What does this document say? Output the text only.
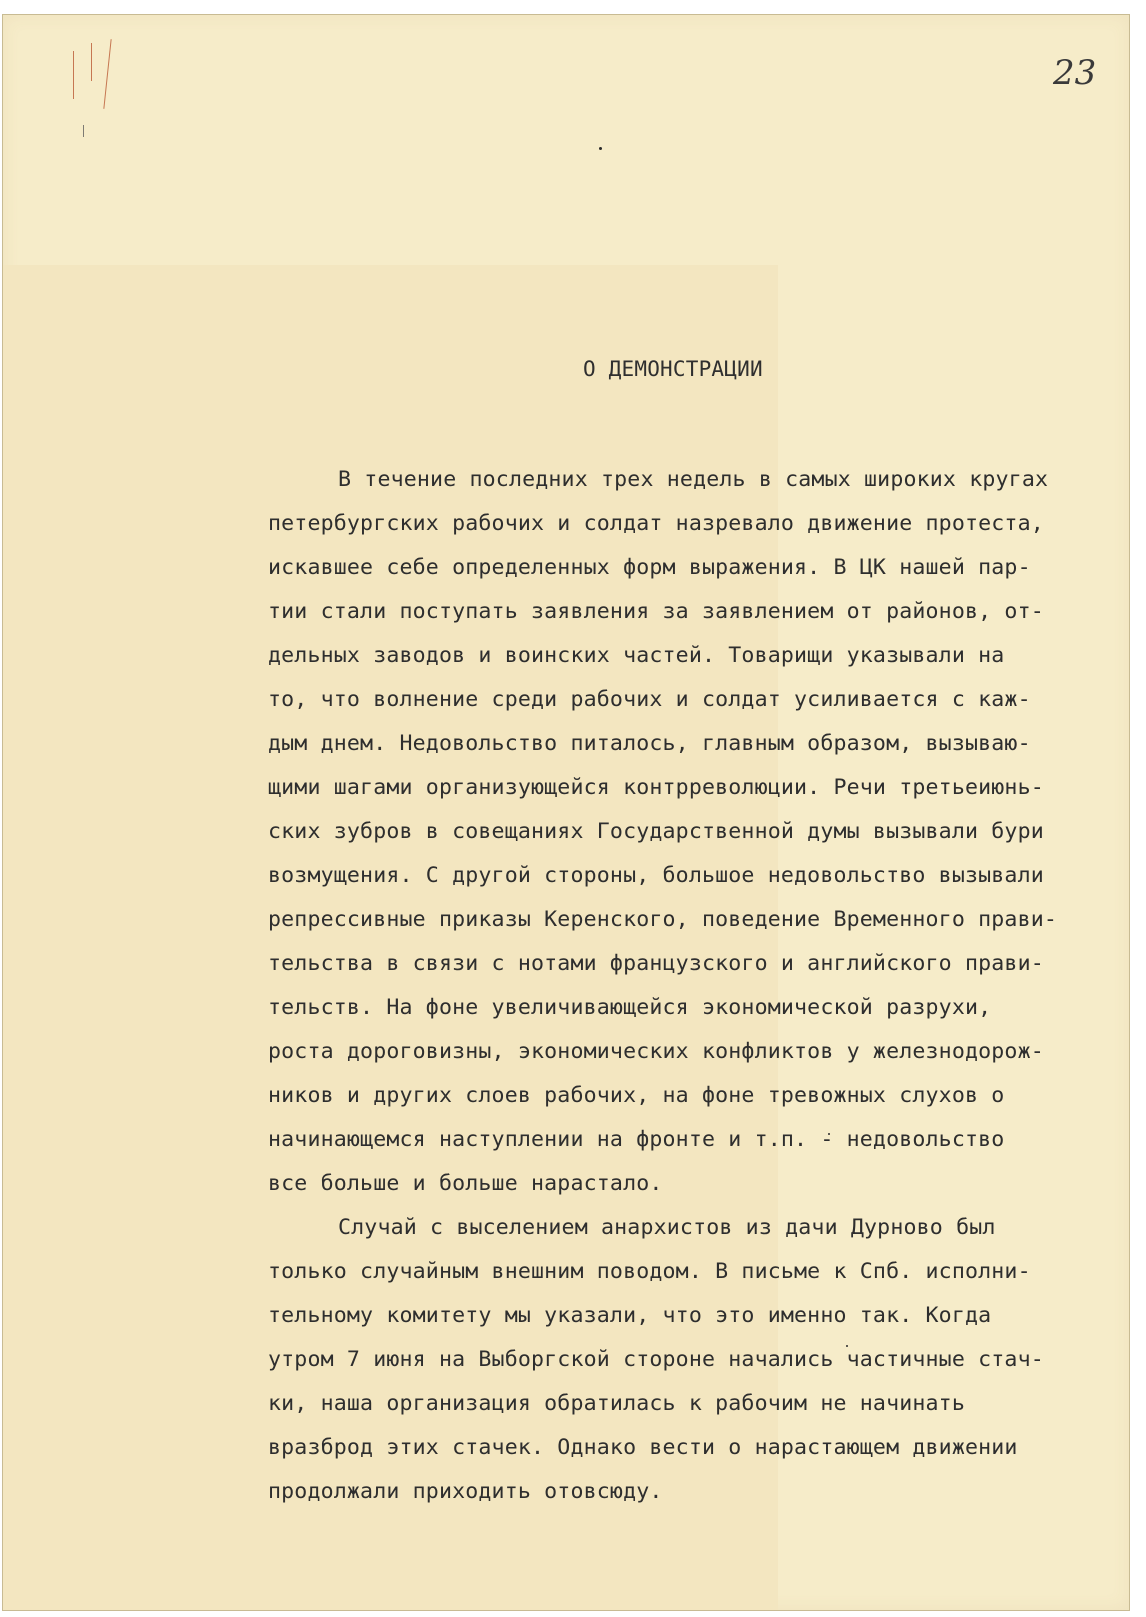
23
О ДЕМОНСТРАЦИИ
В течение последних трех недель в самых широких кругах
петербургских рабочих и солдат назревало движение протеста,
искавшее себе определенных форм выражения. В ЦК нашей пар-
тии стали поступать заявления за заявлением от районов, от-
дельных заводов и воинских частей. Товарищи указывали на
то, что волнение среди рабочих и солдат усиливается с каж-
дым днем. Недовольство питалось, главным образом, вызываю-
щими шагами организующейся контрреволюции. Речи третьеиюнь-
ских зубров в совещаниях Государственной думы вызывали бури
возмущения. С другой стороны, большое недовольство вызывали
репрессивные приказы Керенского, поведение Временного прави-
тельства в связи с нотами французского и английского прави-
тельств. На фоне увеличивающейся экономической разрухи,
роста дороговизны, экономических конфликтов у железнодорож-
ников и других слоев рабочих, на фоне тревожных слухов о
начинающемся наступлении на фронте и т.п. - недовольство
все больше и больше нарастало.
Случай с выселением анархистов из дачи Дурново был
только случайным внешним поводом. В письме к Спб. исполни-
тельному комитету мы указали, что это именно так. Когда
утром 7 июня на Выборгской стороне начались частичные стач-
ки, наша организация обратилась к рабочим не начинать
вразброд этих стачек. Однако вести о нарастающем движении
продолжали приходить отовсюду.
